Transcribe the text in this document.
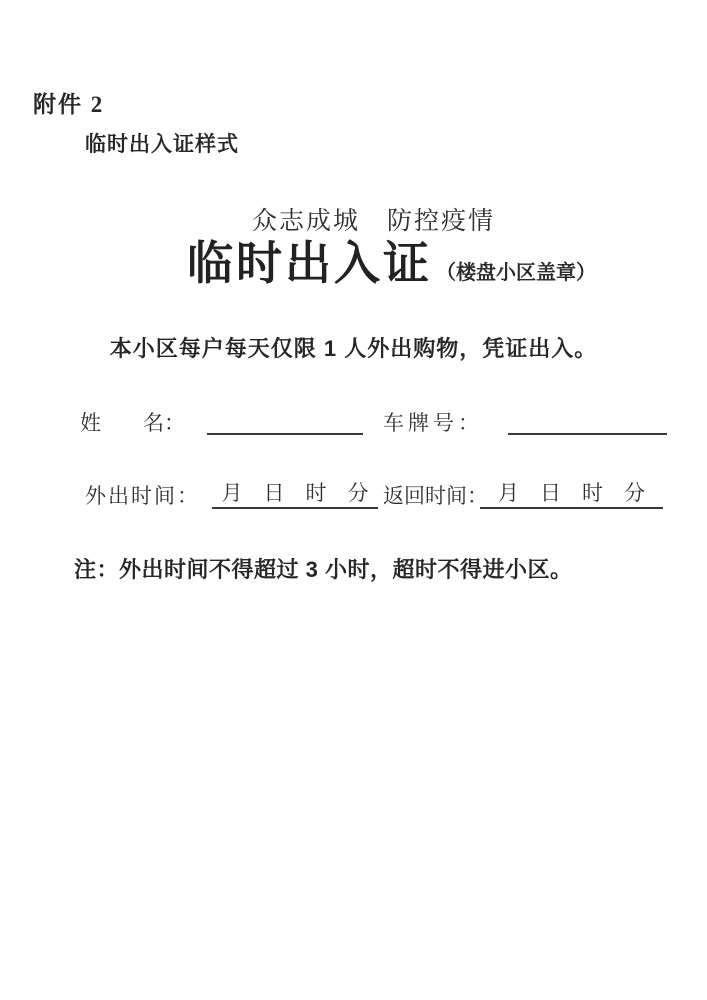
附件 2
临时出入证样式
众志成城　防控疫情
临时出入证 （楼盘小区盖章）
本小区每户每天仅限 1 人外出购物，凭证出入。
姓　　名：	车牌号：
外出时间：	月　日　时　分 返回时间： 月　日　时　分
注：外出时间不得超过 3 小时，超时不得进小区。
